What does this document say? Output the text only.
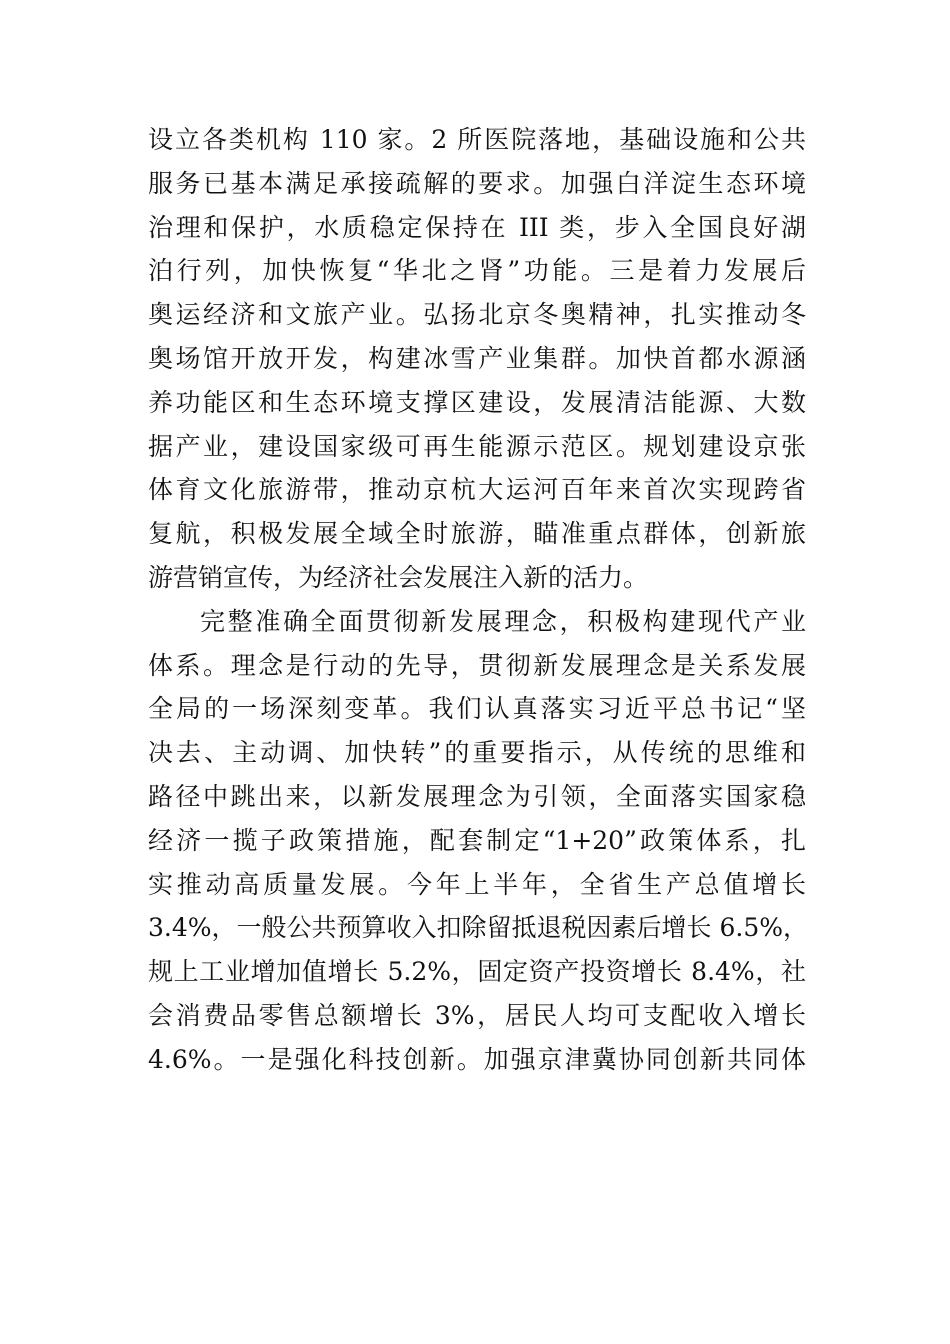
设立各类机构 110 家。2 所医院落地，基础设施和公共
服务已基本满足承接疏解的要求。加强白洋淀生态环境
治理和保护，水质稳定保持在 III 类，步入全国良好湖
泊行列，加快恢复“华北之肾”功能。三是着力发展后
奥运经济和文旅产业。弘扬北京冬奥精神，扎实推动冬
奥场馆开放开发，构建冰雪产业集群。加快首都水源涵
养功能区和生态环境支撑区建设，发展清洁能源、大数
据产业，建设国家级可再生能源示范区。规划建设京张
体育文化旅游带，推动京杭大运河百年来首次实现跨省
复航，积极发展全域全时旅游，瞄准重点群体，创新旅
游营销宣传，为经济社会发展注入新的活力。
完整准确全面贯彻新发展理念，积极构建现代产业
体系。理念是行动的先导，贯彻新发展理念是关系发展
全局的一场深刻变革。我们认真落实习近平总书记“坚
决去、主动调、加快转”的重要指示，从传统的思维和
路径中跳出来，以新发展理念为引领，全面落实国家稳
经济一揽子政策措施，配套制定“1+20”政策体系，扎
实推动高质量发展。今年上半年，全省生产总值增长
3.4%，一般公共预算收入扣除留抵退税因素后增长 6.5%，
规上工业增加值增长 5.2%，固定资产投资增长 8.4%，社
会消费品零售总额增长 3%，居民人均可支配收入增长
4.6%。一是强化科技创新。加强京津冀协同创新共同体
